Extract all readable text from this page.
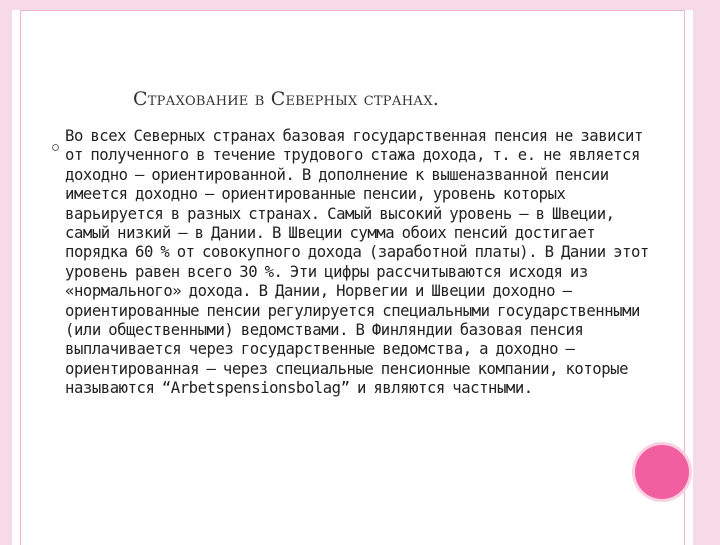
Страхование в Северных странах.

Во всех Северных странах базовая государственная пенсия не зависит от полученного в течение трудового стажа дохода, т. е. не является доходно – ориентированной. В дополнение к вышеназванной пенсии имеется доходно – ориентированные пенсии, уровень которых варьируется в разных странах. Самый высокий уровень – в Швеции, самый низкий – в Дании. В Швеции сумма обоих пенсий достигает порядка 60 % от совокупного дохода (заработной платы). В Дании этот уровень равен всего 30 %. Эти цифры рассчитываются исходя из «нормального» дохода. В Дании, Норвегии и Швеции доходно – ориентированные пенсии регулируется специальными государственными (или общественными) ведомствами. В Финляндии базовая пенсия выплачивается через государственные ведомства, а доходно – ориентированная – через специальные пенсионные компании, которые называются “Arbetspensionsbolag” и являются частными.
